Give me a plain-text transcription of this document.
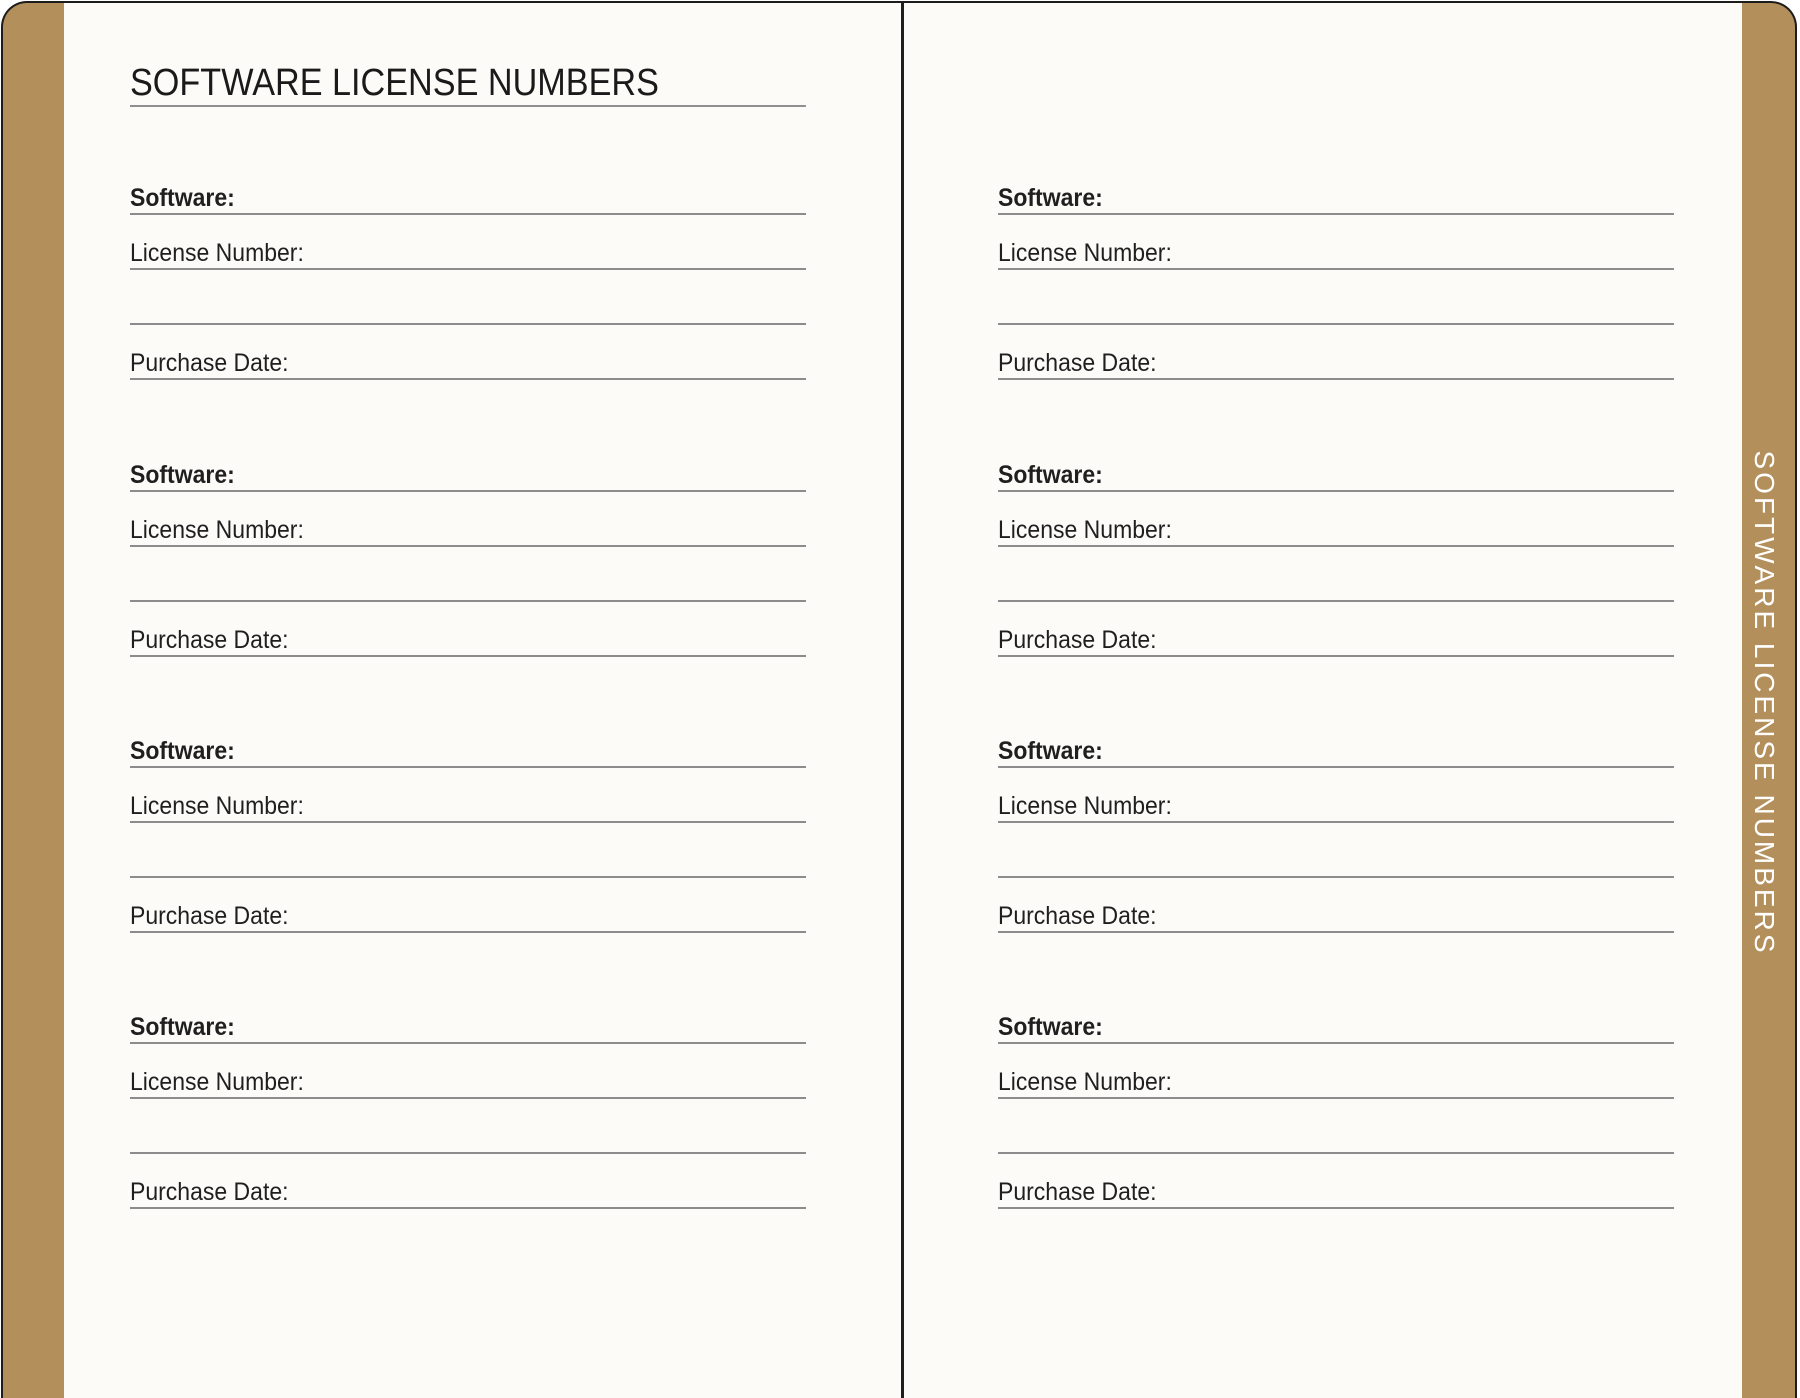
SOFTWARE LICENSE NUMBERS
Software:
License Number:
Purchase Date:
Software:
License Number:
Purchase Date:
Software:
License Number:
Purchase Date:
Software:
License Number:
Purchase Date:
Software:
License Number:
Purchase Date:
Software:
License Number:
Purchase Date:
Software:
License Number:
Purchase Date:
Software:
License Number:
Purchase Date:
SOFTWARE LICENSE NUMBERS
